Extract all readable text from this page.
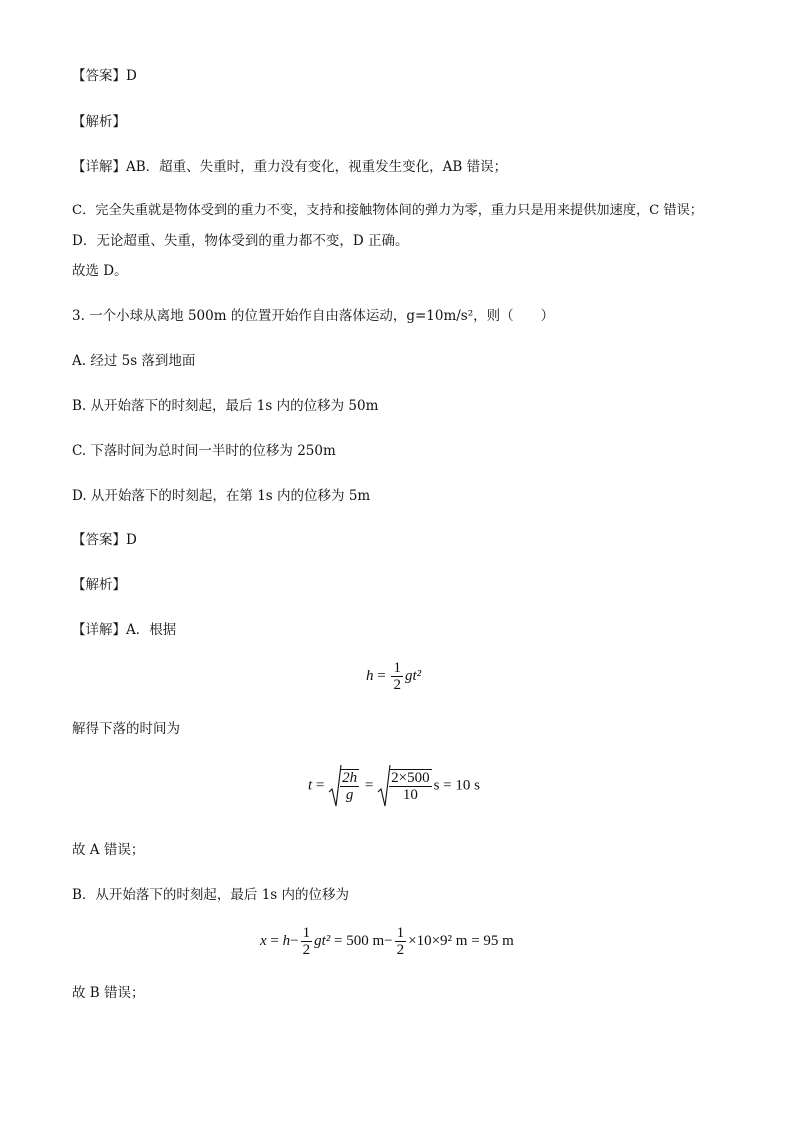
【答案】D
【解析】
【详解】AB．超重、失重时，重力没有变化，视重发生变化，AB 错误；
C．完全失重就是物体受到的重力不变，支持和接触物体间的弹力为零，重力只是用来提供加速度，C 错误；
D．无论超重、失重，物体受到的重力都不变，D 正确。
故选 D。
3. 一个小球从离地 500m 的位置开始作自由落体运动，g=10m/s²，则（　　）
A. 经过 5s 落到地面
B. 从开始落下的时刻起，最后 1s 内的位移为 50m
C. 下落时间为总时间一半时的位移为 250m
D. 从开始落下的时刻起，在第 1s 内的位移为 5m
【答案】D
【解析】
【详解】A．根据
$h = \frac{1}{2} gt^2$
解得下落的时间为
$t = \frac{2h}{g} = \frac{2\times 500}{10}$ s = 10 s
故 A 错误；
B．从开始落下的时刻起，最后 1s 内的位移为
$x = h- \frac{1}{2} gt^2 = 500$ $m- \frac{1}{2} \times 10\times 9^2$ m = 95 m
故 B 错误；
